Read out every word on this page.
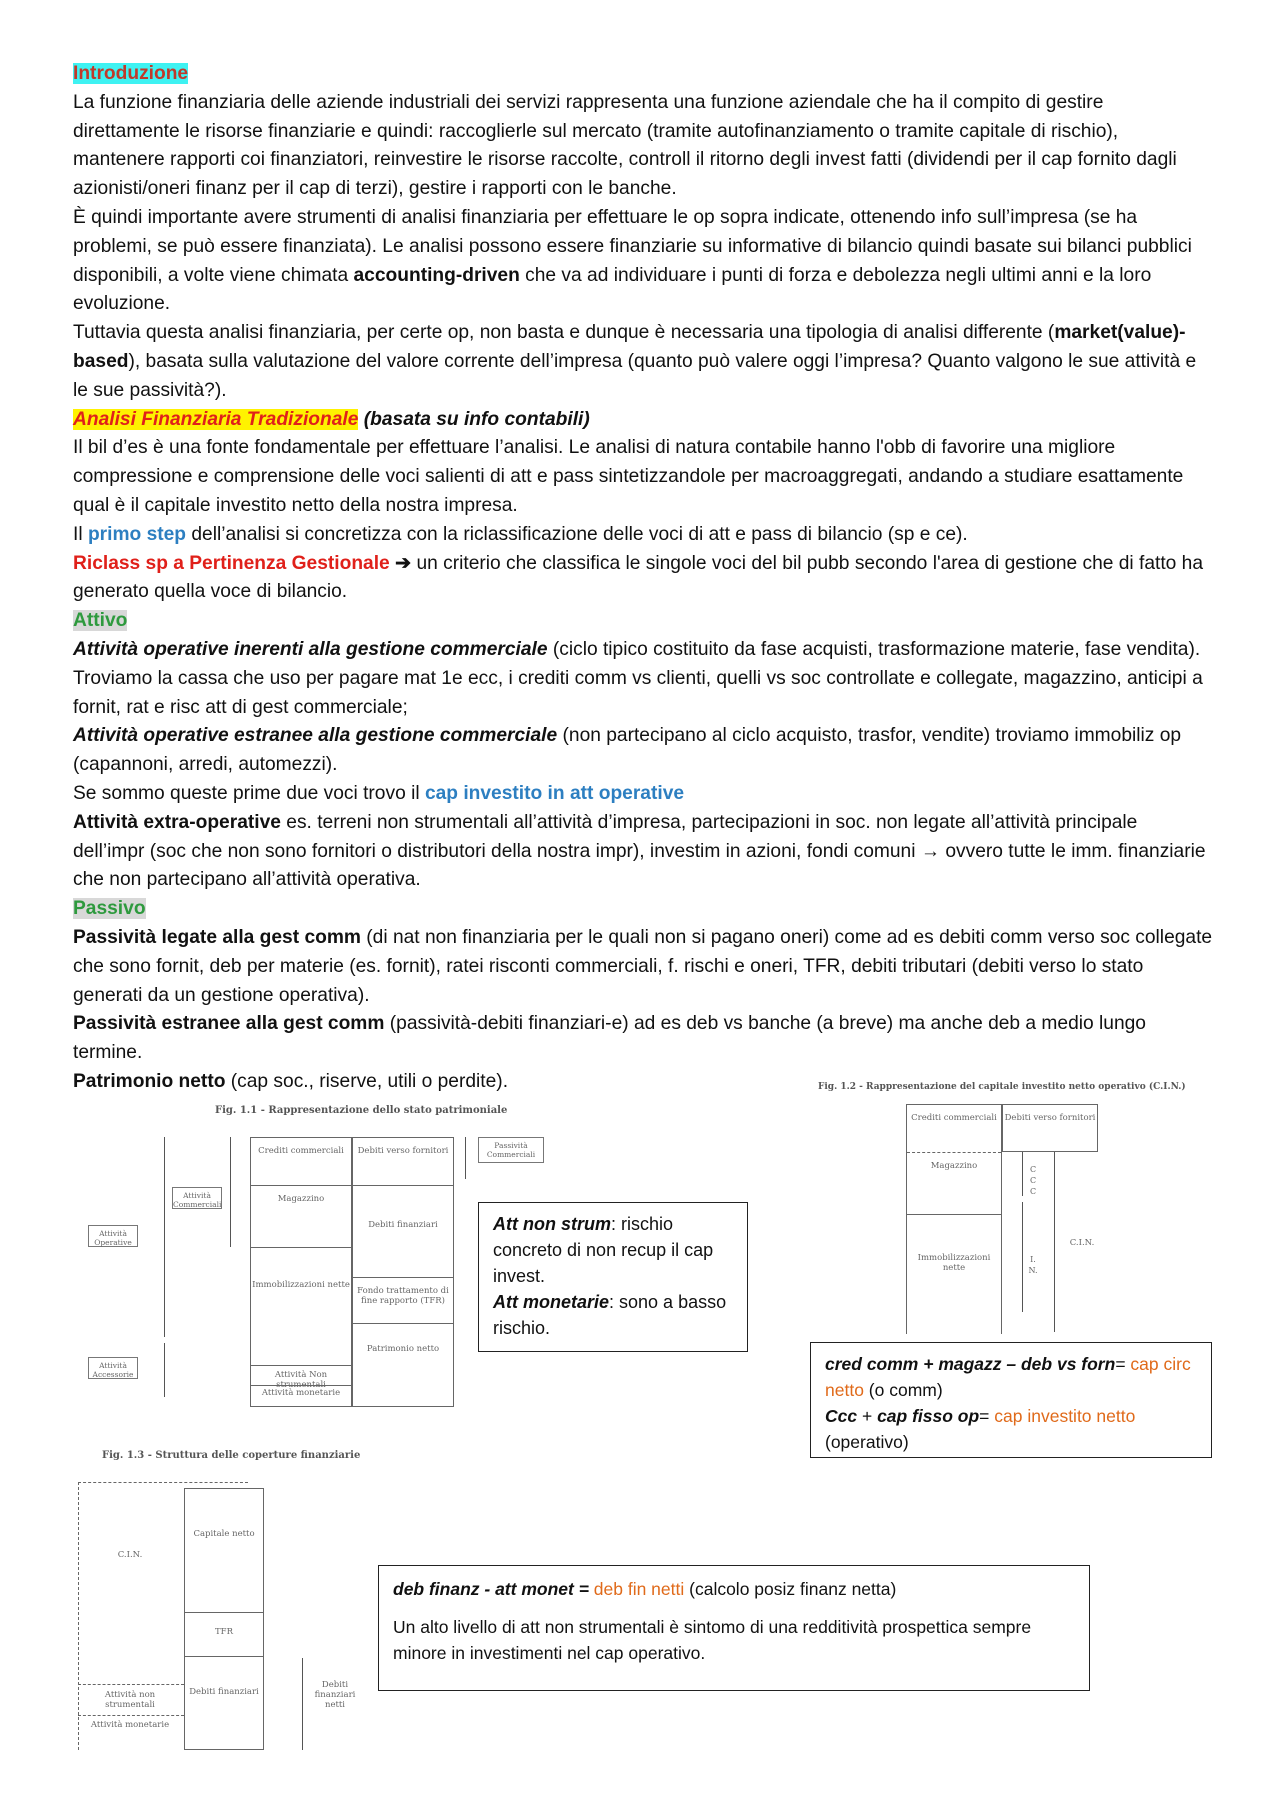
Introduzione

La funzione finanziaria delle aziende industriali dei servizi rappresenta una funzione aziendale che ha il compito di gestire direttamente le risorse finanziarie e quindi: raccoglierle sul mercato (tramite autofinanziamento o tramite capitale di rischio), mantenere rapporti coi finanziatori, reinvestire le risorse raccolte, controll il ritorno degli invest fatti (dividendi per il cap fornito dagli azionisti/oneri finanz per il cap di terzi), gestire i rapporti con le banche.

È quindi importante avere strumenti di analisi finanziaria per effettuare le op sopra indicate, ottenendo info sull’impresa (se ha problemi, se può essere finanziata). Le analisi possono essere finanziarie su informative di bilancio quindi basate sui bilanci pubblici disponibili, a volte viene chimata accounting-driven che va ad individuare i punti di forza e debolezza negli ultimi anni e la loro evoluzione.

Tuttavia questa analisi finanziaria, per certe op, non basta e dunque è necessaria una tipologia di analisi differente (market(value)-based), basata sulla valutazione del valore corrente dell’impresa (quanto può valere oggi l’impresa? Quanto valgono le sue attività e le sue passività?).

Analisi Finanziaria Tradizionale (basata su info contabili)

Il bil d’es è una fonte fondamentale per effettuare l’analisi. Le analisi di natura contabile hanno l'obb di favorire una migliore compressione e comprensione delle voci salienti di att e pass sintetizzandole per macroaggregati, andando a studiare esattamente qual è il capitale investito netto della nostra impresa.

Il primo step dell’analisi si concretizza con la riclassificazione delle voci di att e pass di bilancio (sp e ce).

Riclass sp a Pertinenza Gestionale ➔ un criterio che classifica le singole voci del bil pubb secondo l'area di gestione che di fatto ha generato quella voce di bilancio.

Attivo

Attività operative inerenti alla gestione commerciale (ciclo tipico costituito da fase acquisti, trasformazione materie, fase vendita). Troviamo la cassa che uso per pagare mat 1e ecc, i crediti comm vs clienti, quelli vs soc controllate e collegate, magazzino, anticipi a fornit, rat e risc att di gest commerciale;

Attività operative estranee alla gestione commerciale (non partecipano al ciclo acquisto, trasfor, vendite) troviamo immobiliz op (capannoni, arredi, automezzi).

Se sommo queste prime due voci trovo il cap investito in att operative

Attività extra-operative es. terreni non strumentali all’attività d’impresa, partecipazioni in soc. non legate all’attività principale dell’impr (soc che non sono fornitori o distributori della nostra impr), investim in azioni, fondi comuni → ovvero tutte le imm. finanziarie che non partecipano all’attività operativa.

Passivo

Passività legate alla gest comm (di nat non finanziaria per le quali non si pagano oneri) come ad es debiti comm verso soc collegate che sono fornit, deb per materie (es. fornit), ratei risconti commerciali, f. rischi e oneri, TFR, debiti tributari (debiti verso lo stato generati da un gestione operativa).

Passività estranee alla gest comm (passività-debiti finanziari-e) ad es deb vs banche (a breve) ma anche deb a medio lungo termine.

Patrimonio netto (cap soc., riserve, utili o perdite).

Fig. 1.1 - Rappresentazione dello stato patrimoniale
Crediti commerciali
Magazzino
Immobilizzazioni nette
Attività Non strumentali
Attività monetarie
Debiti verso fornitori
Debiti finanziari
Fondo trattamento di fine rapporto (TFR)
Patrimonio netto
Attività Commerciali
Attività Operative
Attività Accessorie
Passività Commerciali
Att non strum: rischio concreto di non recup il cap invest.
Att monetarie: sono a basso rischio.
Fig. 1.2 - Rappresentazione del capitale investito netto operativo (C.I.N.)
Crediti commerciali
Magazzino
Immobilizzazioni nette
Debiti verso fornitori
C C C
I. N.
C.I.N.
cred comm + magazz – deb vs forn= cap circ netto (o comm)
Ccc + cap fisso op= cap investito netto (operativo)
Fig. 1.3 - Struttura delle coperture finanziarie
C.I.N.
Attività non strumentali
Attività monetarie
Capitale netto
TFR
Debiti finanziari
Debiti finanziari netti
deb finanz - att monet = deb fin netti (calcolo posiz finanz netta)
Un alto livello di att non strumentali è sintomo di una redditività prospettica sempre minore in investimenti nel cap operativo.
